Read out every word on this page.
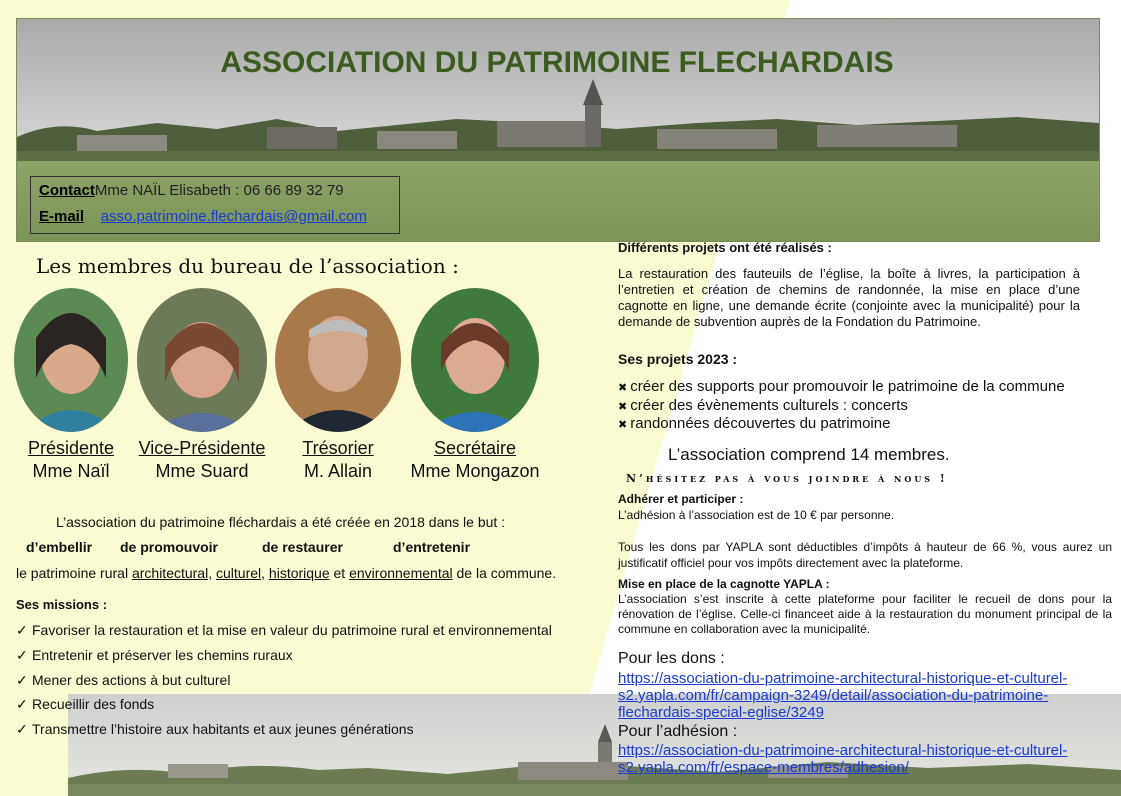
ASSOCIATION DU PATRIMOINE FLECHARDAIS
ContactMme NAÏL Elisabeth : 06 66 89 32 79
E-mail asso.patrimoine.flechardais@gmail.com
Les membres du bureau de l’association :
Présidente
Mme Naïl
Vice-Présidente
Mme Suard
Trésorier
M. Allain
Secrétaire
Mme Mongazon
L’association du patrimoine fléchardais a été créée en 2018 dans le but :
d’embellir de promouvoir	de restaurer	d’entretenir
le patrimoine rural architectural, culturel, historique et environnemental de la commune.
Ses missions :
✓ Favoriser la restauration et la mise en valeur du patrimoine rural et environnemental
✓ Entretenir et préserver les chemins ruraux
✓ Mener des actions à but culturel
✓ Recueillir des fonds
✓ Transmettre l’histoire aux habitants et aux jeunes générations
Différents projets ont été réalisés :
La restauration des fauteuils de l’église, la boîte à livres, la participation à l’entretien et création de chemins de randonnée, la mise en place d’une cagnotte en ligne, une demande écrite (conjointe avec la municipalité) pour la demande de subvention auprès de la Fondation du Patrimoine.
Ses projets 2023 :
✖ créer des supports pour promouvoir le patrimoine de la commune
✖ créer des évènements culturels : concerts
✖ randonnées découvertes du patrimoine
L’association comprend 14 membres.
N’hésitez pas à vous joindre à nous !
Adhérer et participer :
L’adhésion à l’association est de 10 € par personne.
Tous les dons par YAPLA sont déductibles d’impôts à hauteur de 66 %, vous aurez un justificatif officiel pour vos impôts directement avec la plateforme.
Mise en place de la cagnotte YAPLA :
L’association s’est inscrite à cette plateforme pour faciliter le recueil de dons pour la rénovation de l’église. Celle-ci financeet aide à la restauration du monument principal de la commune en collaboration avec la municipalité.
Pour les dons :
https://association-du-patrimoine-architectural-historique-et-culturel- s2.yapla.com/fr/campaign-3249/detail/association-du-patrimoine-flechardais-special-eglise/3249
Pour l’adhésion :
https://association-du-patrimoine-architectural-historique-et-culturel- s2.yapla.com/fr/espace-membres/adhesion/
